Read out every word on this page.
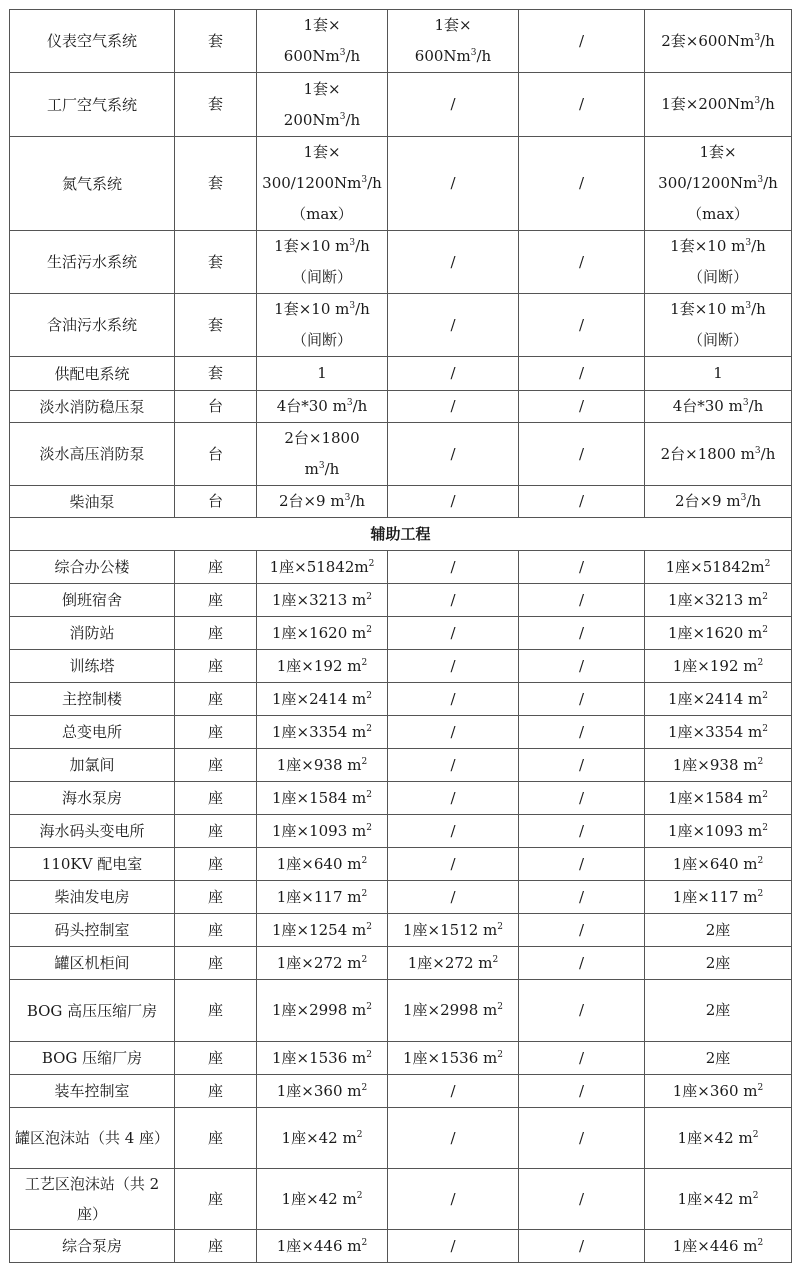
仪表空气系统	套	1套×
$600Nm^3/h$	1套×
$600Nm^3/h$	/	2套$\times 600Nm^3/h$

工厂空气系统	套	1套×
$200Nm^3/h$	/	/	1套$\times 200Nm^3/h$

氮气系统	套	1套×
$300/1200Nm^3/h$
（max）	/	/	1套×
$300/1200Nm^3/h$
（max）

生活污水系统	套	1套×10 $m^3/h$
（间断）	/	/	1套×10 $m^3/h$
（间断）

含油污水系统	套	1套×10 $m^3/h$
（间断）	/	/	1套×10 $m^3/h$
（间断）

供配电系统	套	1	/	/	1

淡水消防稳压泵	台	4台*30 $m^3/h$	/	/	4台*30 $m^3/h$

淡水高压消防泵	台	2台×1800
$m^3/h$	/	/	2台×1800 $m^3/h$

柴油泵	台	2台×9 $m^3/h$	/	/	2台×9 $m^3/h$

辅助工程					
综合办公楼	座	1座$\times 51842m^2$	/	/	1座$\times 51842m^2$

倒班宿舍	座	1座×3213 $m^2$	/	/	1座×3213 $m^2$

消防站	座	1座×1620 $m^2$	/	/	1座×1620 $m^2$

训练塔	座	1座×192 $m^2$	/	/	1座×192 $m^2$

主控制楼	座	1座×2414 $m^2$	/	/	1座×2414 $m^2$

总变电所	座	1座×3354 $m^2$	/	/	1座×3354 $m^2$

加氯间	座	1座×938 $m^2$	/	/	1座×938 $m^2$

海水泵房	座	1座×1584 $m^2$	/	/	1座×1584 $m^2$

海水码头变电所	座	1座×1093 $m^2$	/	/	1座×1093 $m^2$

110KV 配电室	座	1座×640 $m^2$	/	/	1座×640 $m^2$

柴油发电房	座	1座×117 $m^2$	/	/	1座×117 $m^2$

码头控制室	座	1座×1254 $m^2$	1座×1512 $m^2$	/	2座

罐区机柜间	座	1座×272 $m^2$	1座×272 $m^2$	/	2座

BOG 高压压缩厂房	座	1座×2998 $m^2$	1座×2998 $m^2$	/	2座

BOG 压缩厂房	座	1座×1536 $m^2$	1座×1536 $m^2$	/	2座

装车控制室	座	1座×360 $m^2$	/	/	1座×360 $m^2$

罐区泡沫站（共 4 座）	座	1座×42 $m^2$	/	/	1座×42 $m^2$

工艺区泡沫站（共 2 座）	座	1座×42 $m^2$	/	/	1座×42 $m^2$

综合泵房	座	1座×446 $m^2$	/	/	1座×446 $m^2$
